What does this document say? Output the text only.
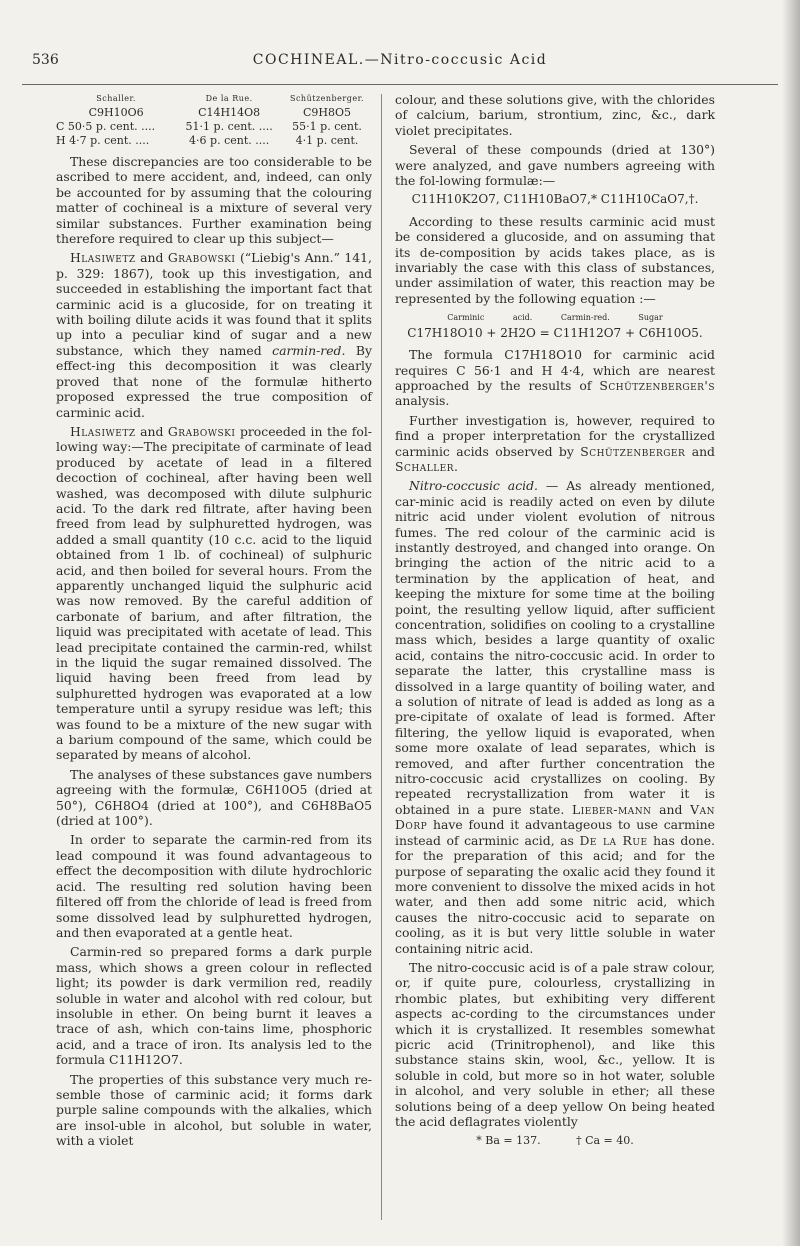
536	COCHINEAL.—Nitro-coccusic Acid
Schaller.	De la Rue.	Schützenberger.
C9H10O6	C14H14O8	C9H8O5
C 50·5 p. cent. ....	51·1 p. cent. ....	55·1 p. cent.
H 4·7 p. cent. ....	4·6 p. cent. ....	4·1 p. cent.

These discrepancies are too considerable to be ascribed to mere accident, and, indeed, can only be accounted for by assuming that the colouring matter of cochineal is a mixture of several very similar substances. Further examination being therefore required to clear up this subject—

Hlasiwetz and Grabowski (“Liebig's Ann.” 141, p. 329: 1867), took up this investigation, and succeeded in establishing the important fact that carminic acid is a glucoside, for on treating it with boiling dilute acids it was found that it splits up into a peculiar kind of sugar and a new substance, which they named carmin-red. By effect-ing this decomposition it was clearly proved that none of the formulæ hitherto proposed expressed the true composition of carminic acid.

Hlasiwetz and Grabowski proceeded in the fol-lowing way:—The precipitate of carminate of lead produced by acetate of lead in a filtered decoction of cochineal, after having been well washed, was decomposed with dilute sulphuric acid. To the dark red filtrate, after having been freed from lead by sulphuretted hydrogen, was added a small quantity (10 c.c. acid to the liquid obtained from 1 lb. of cochineal) of sulphuric acid, and then boiled for several hours. From the apparently unchanged liquid the sulphuric acid was now removed. By the careful addition of carbonate of barium, and after filtration, the liquid was precipitated with acetate of lead. This lead precipitate contained the carmin-red, whilst in the liquid the sugar remained dissolved. The liquid having been freed from lead by sulphuretted hydrogen was evaporated at a low temperature until a syrupy residue was left; this was found to be a mixture of the new sugar with a barium compound of the same, which could be separated by means of alcohol.

The analyses of these substances gave numbers agreeing with the formulæ, C6H10O5 (dried at 50°), C6H8O4 (dried at 100°), and C6H8BaO5 (dried at 100°).

In order to separate the carmin-red from its lead compound it was found advantageous to effect the decomposition with dilute hydrochloric acid. The resulting red solution having been filtered off from the chloride of lead is freed from some dissolved lead by sulphuretted hydrogen, and then evaporated at a gentle heat.

Carmin-red so prepared forms a dark purple mass, which shows a green colour in reflected light; its powder is dark vermilion red, readily soluble in water and alcohol with red colour, but insoluble in ether. On being burnt it leaves a trace of ash, which con-tains lime, phosphoric acid, and a trace of iron. Its analysis led to the formula C11H12O7.

The properties of this substance very much re-semble those of carminic acid; it forms dark purple saline compounds with the alkalies, which are insol-uble in alcohol, but soluble in water, with a violet

colour, and these solutions give, with the chlorides of calcium, barium, strontium, zinc, &c., dark violet precipitates.

Several of these compounds (dried at 130°) were analyzed, and gave numbers agreeing with the fol-lowing formulæ:—

C11H10K2O7, C11H10BaO7,* C11H10CaO7,†.

According to these results carminic acid must be considered a glucoside, and on assuming that its de-composition by acids takes place, as is invariably the case with this class of substances, under assimilation of water, this reaction may be represented by the following equation :—

Carminic acid. Carmin-red. Sugar
C17H18O10 + 2H2O = C11H12O7 + C6H10O5.

The formula C17H18O10 for carminic acid requires C 56·1 and H 4·4, which are nearest approached by the results of Schützenberger's analysis.

Further investigation is, however, required to find a proper interpretation for the crystallized carminic acids observed by Schützenberger and Schaller.

Nitro-coccusic acid. — As already mentioned, car-minic acid is readily acted on even by dilute nitric acid under violent evolution of nitrous fumes. The red colour of the carminic acid is instantly destroyed, and changed into orange. On bringing the action of the nitric acid to a termination by the application of heat, and keeping the mixture for some time at the boiling point, the resulting yellow liquid, after sufficient concentration, solidifies on cooling to a crystalline mass which, besides a large quantity of oxalic acid, contains the nitro-coccusic acid. In order to separate the latter, this crystalline mass is dissolved in a large quantity of boiling water, and a solution of nitrate of lead is added as long as a pre-cipitate of oxalate of lead is formed. After filtering, the yellow liquid is evaporated, when some more oxalate of lead separates, which is removed, and after further concentration the nitro-coccusic acid crystallizes on cooling. By repeated recrystallization from water it is obtained in a pure state. Lieber-mann and Van Dorp have found it advantageous to use carmine instead of carminic acid, as De la Rue has done. for the preparation of this acid; and for the purpose of separating the oxalic acid they found it more convenient to dissolve the mixed acids in hot water, and then add some nitric acid, which causes the nitro-coccusic acid to separate on cooling, as it is but very little soluble in water containing nitric acid.

The nitro-coccusic acid is of a pale straw colour, or, if quite pure, colourless, crystallizing in rhombic plates, but exhibiting very different aspects ac-cording to the circumstances under which it is crystallized. It resembles somewhat picric acid (Trinitrophenol), and like this substance stains skin, wool, &c., yellow. It is soluble in cold, but more so in hot water, soluble in alcohol, and very soluble in ether; all these solutions being of a deep yellow On being heated the acid deflagrates violently

* Ba = 137.	† Ca = 40.
